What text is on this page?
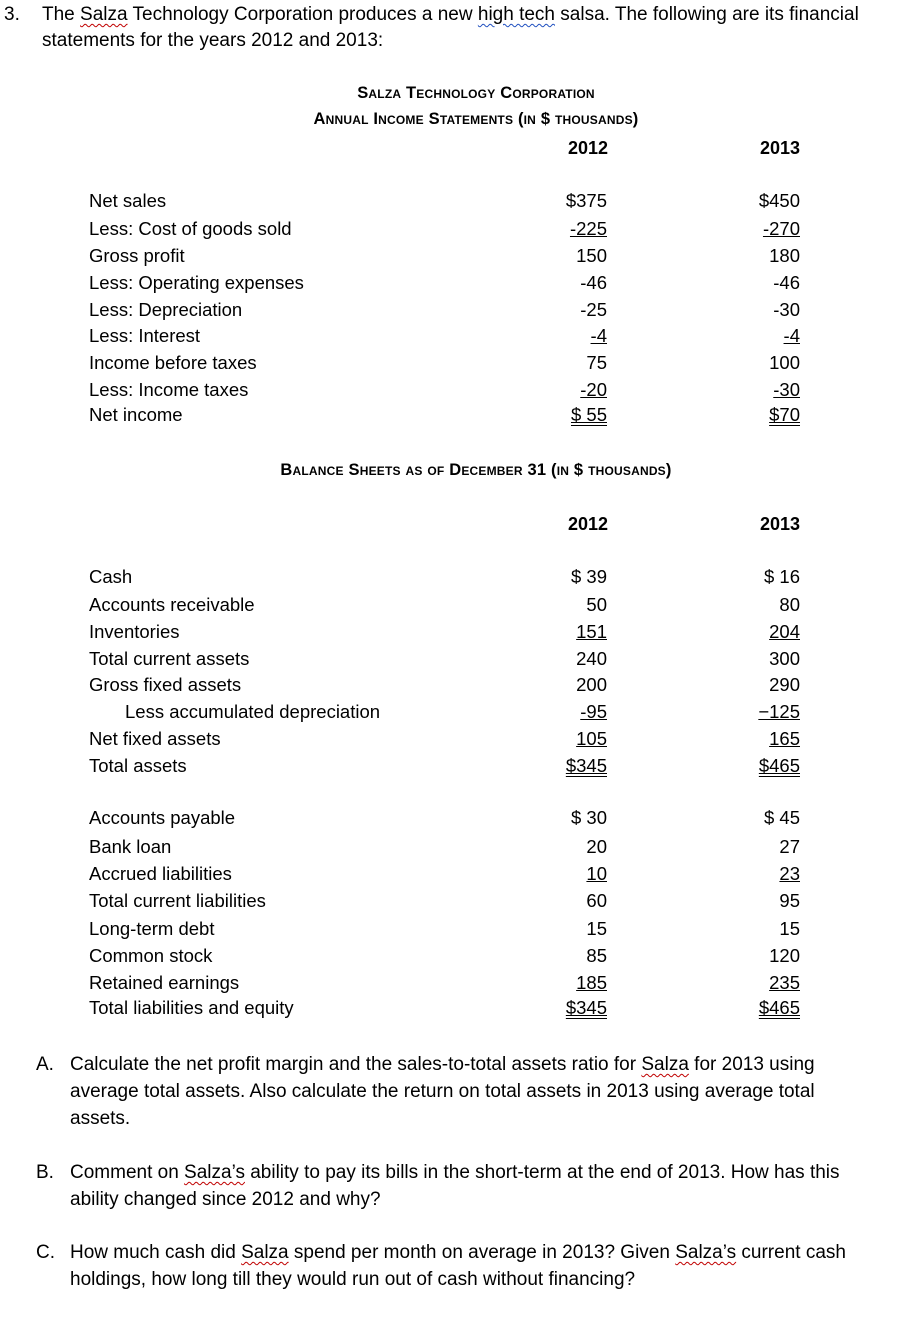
3. The Salza Technology Corporation produces a new high tech salsa. The following are its financial
statements for the years 2012 and 2013:
Salza Technology Corporation
Annual Income Statements (in $ thousands)
2012	2013
Net sales	$375	$450
Less: Cost of goods sold	-225	-270
Gross profit	150	180
Less: Operating expenses	-46	-46
Less: Depreciation	-25	-30
Less: Interest	-4	-4
Income before taxes	75	100
Less: Income taxes	-20	-30
Net income	$ 55	$70
Balance Sheets as of December 31 (in $ thousands)
2012	2013
Cash	$ 39	$ 16
Accounts receivable	50	80
Inventories	151	204
Total current assets	240	300
Gross fixed assets	200	290
Less accumulated depreciation	-95	−125
Net fixed assets	105	165
Total assets	$345	$465
Accounts payable	$ 30	$ 45
Bank loan	20	27
Accrued liabilities	10	23
Total current liabilities	60	95
Long-term debt	15	15
Common stock	85	120
Retained earnings	185	235
Total liabilities and equity	$345	$465
A. Calculate the net profit margin and the sales-to-total assets ratio for Salza for 2013 using average total assets. Also calculate the return on total assets in 2013 using average total assets.
B. Comment on Salza’s ability to pay its bills in the short-term at the end of 2013. How has this ability changed since 2012 and why?
C. How much cash did Salza spend per month on average in 2013? Given Salza’s current cash holdings, how long till they would run out of cash without financing?
